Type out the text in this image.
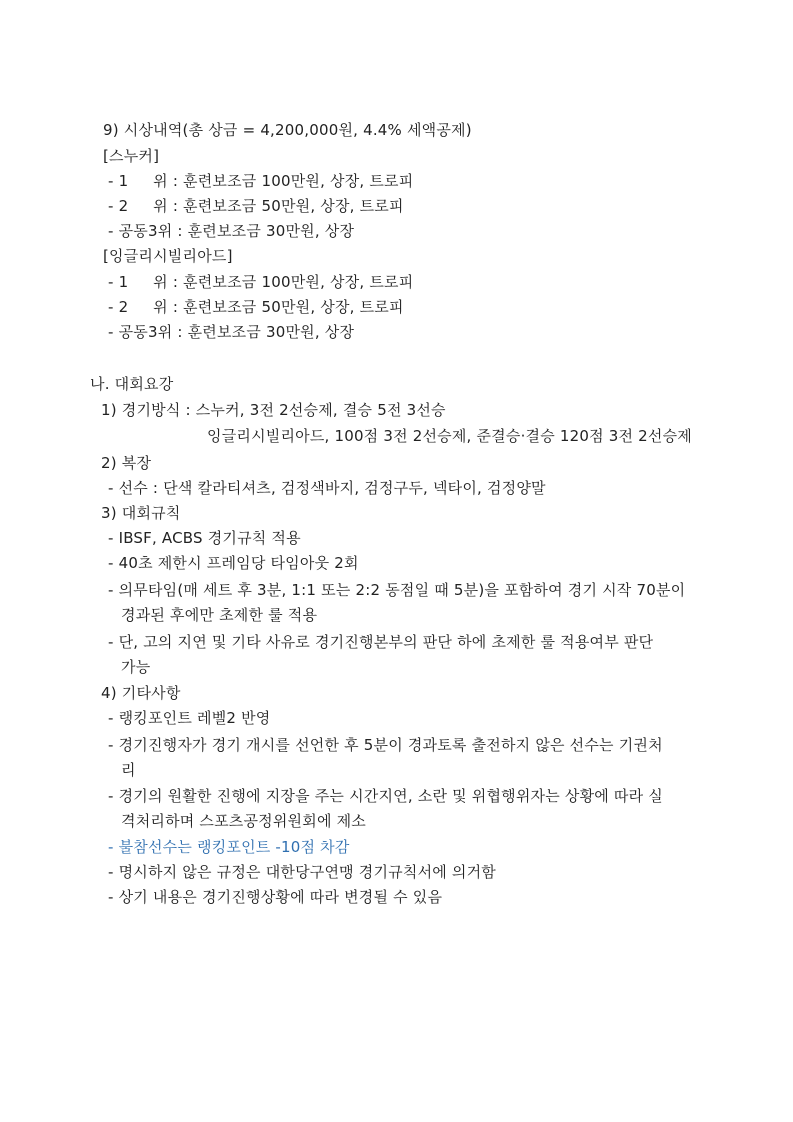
9) 시상내역(총 상금 = 4,200,000원, 4.4% 세액공제)
[스누커]
- 1     위 : 훈련보조금 100만원, 상장, 트로피
- 2     위 : 훈련보조금 50만원, 상장, 트로피
- 공동3위 : 훈련보조금 30만원, 상장
[잉글리시빌리아드]
- 1     위 : 훈련보조금 100만원, 상장, 트로피
- 2     위 : 훈련보조금 50만원, 상장, 트로피
- 공동3위 : 훈련보조금 30만원, 상장
나. 대회요강
1) 경기방식 : 스누커, 3전 2선승제, 결승 5전 3선승
잉글리시빌리아드, 100점 3전 2선승제, 준결승·결승 120점 3전 2선승제
2) 복장
- 선수 : 단색 칼라티셔츠, 검정색바지, 검정구두, 넥타이, 검정양말
3) 대회규칙
- IBSF, ACBS 경기규칙 적용
- 40초 제한시 프레임당 타임아웃 2회
- 의무타임(매 세트 후 3분, 1:1 또는 2:2 동점일 때 5분)을 포함하여 경기 시작 70분이
경과된 후에만 초제한 룰 적용
- 단, 고의 지연 및 기타 사유로 경기진행본부의 판단 하에 초제한 룰 적용여부 판단
가능
4) 기타사항
- 랭킹포인트 레벨2 반영
- 경기진행자가 경기 개시를 선언한 후 5분이 경과토록 출전하지 않은 선수는 기권처
리
- 경기의 원활한 진행에 지장을 주는 시간지연, 소란 및 위협행위자는 상황에 따라 실
격처리하며 스포츠공정위원회에 제소
- 불참선수는 랭킹포인트 -10점 차감
- 명시하지 않은 규정은 대한당구연맹 경기규칙서에 의거함
- 상기 내용은 경기진행상황에 따라 변경될 수 있음
